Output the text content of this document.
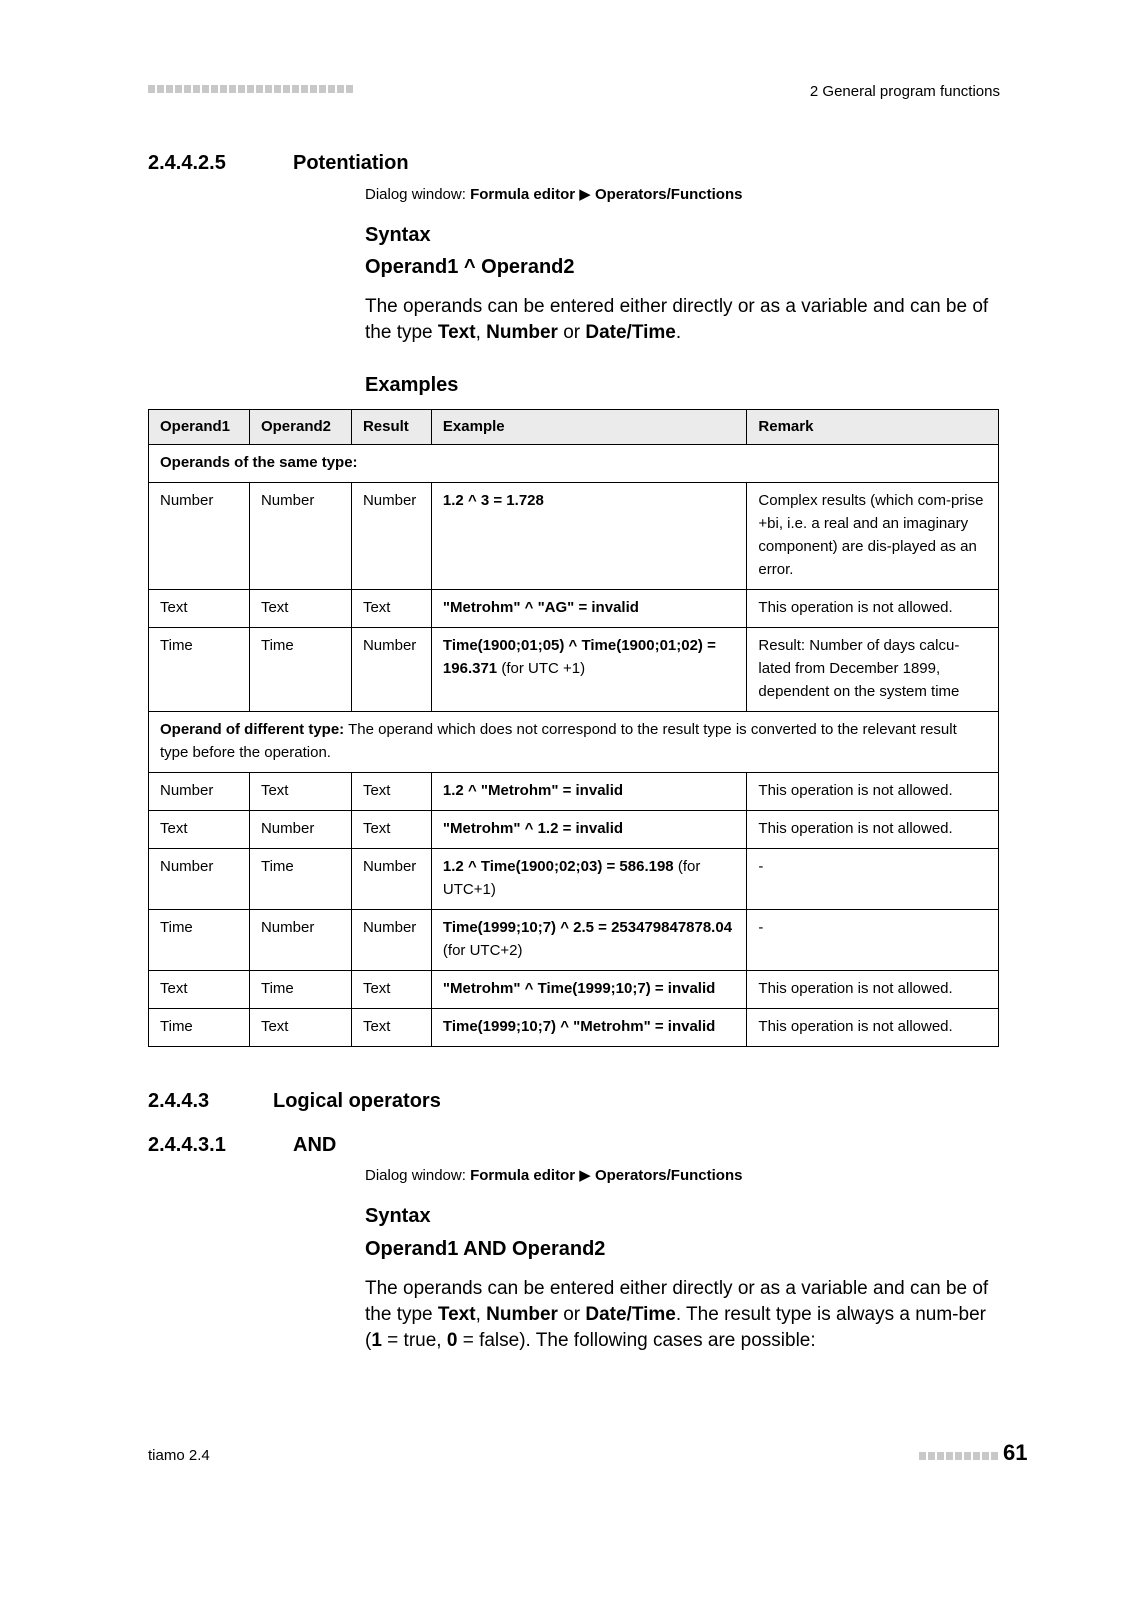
2 General program functions
2.4.4.2.5	Potentiation
Dialog window: Formula editor ▶ Operators/Functions
Syntax
Operand1 ^ Operand2
The operands can be entered either directly or as a variable and can be of the type Text, Number or Date/Time.
Examples
Operand1	Operand2	Result	Example	Remark
Operands of the same type:				
Number	Number	Number	1.2 ^ 3 = 1.728	Complex results (which com-prise +bi, i.e. a real and an imaginary component) are dis-played as an error.
Text	Text	Text	"Metrohm" ^ "AG" = invalid	This operation is not allowed.
Time	Time	Number	Time(1900;01;05) ^ Time(1900;01;02) = 196.371 (for UTC +1)	Result: Number of days calcu-lated from December 1899, dependent on the system time
Operand of different type: The operand which does not correspond to the result type is converted to the relevant result type before the operation.				
Number	Text	Text	1.2 ^ "Metrohm" = invalid	This operation is not allowed.
Text	Number	Text	"Metrohm" ^ 1.2 = invalid	This operation is not allowed.
Number	Time	Number	1.2 ^ Time(1900;02;03) = 586.198 (for UTC+1)	-
Time	Number	Number	Time(1999;10;7) ^ 2.5 = 253479847878.04 (for UTC+2)	-
Text	Time	Text	"Metrohm" ^ Time(1999;10;7) = invalid	This operation is not allowed.
Time	Text	Text	Time(1999;10;7) ^ "Metrohm" = invalid	This operation is not allowed.
2.4.4.3	Logical operators
2.4.4.3.1	AND
Dialog window: Formula editor ▶ Operators/Functions
Syntax
Operand1 AND Operand2
The operands can be entered either directly or as a variable and can be of the type Text, Number or Date/Time. The result type is always a num-ber (1 = true, 0 = false). The following cases are possible:
tiamo 2.4	61
